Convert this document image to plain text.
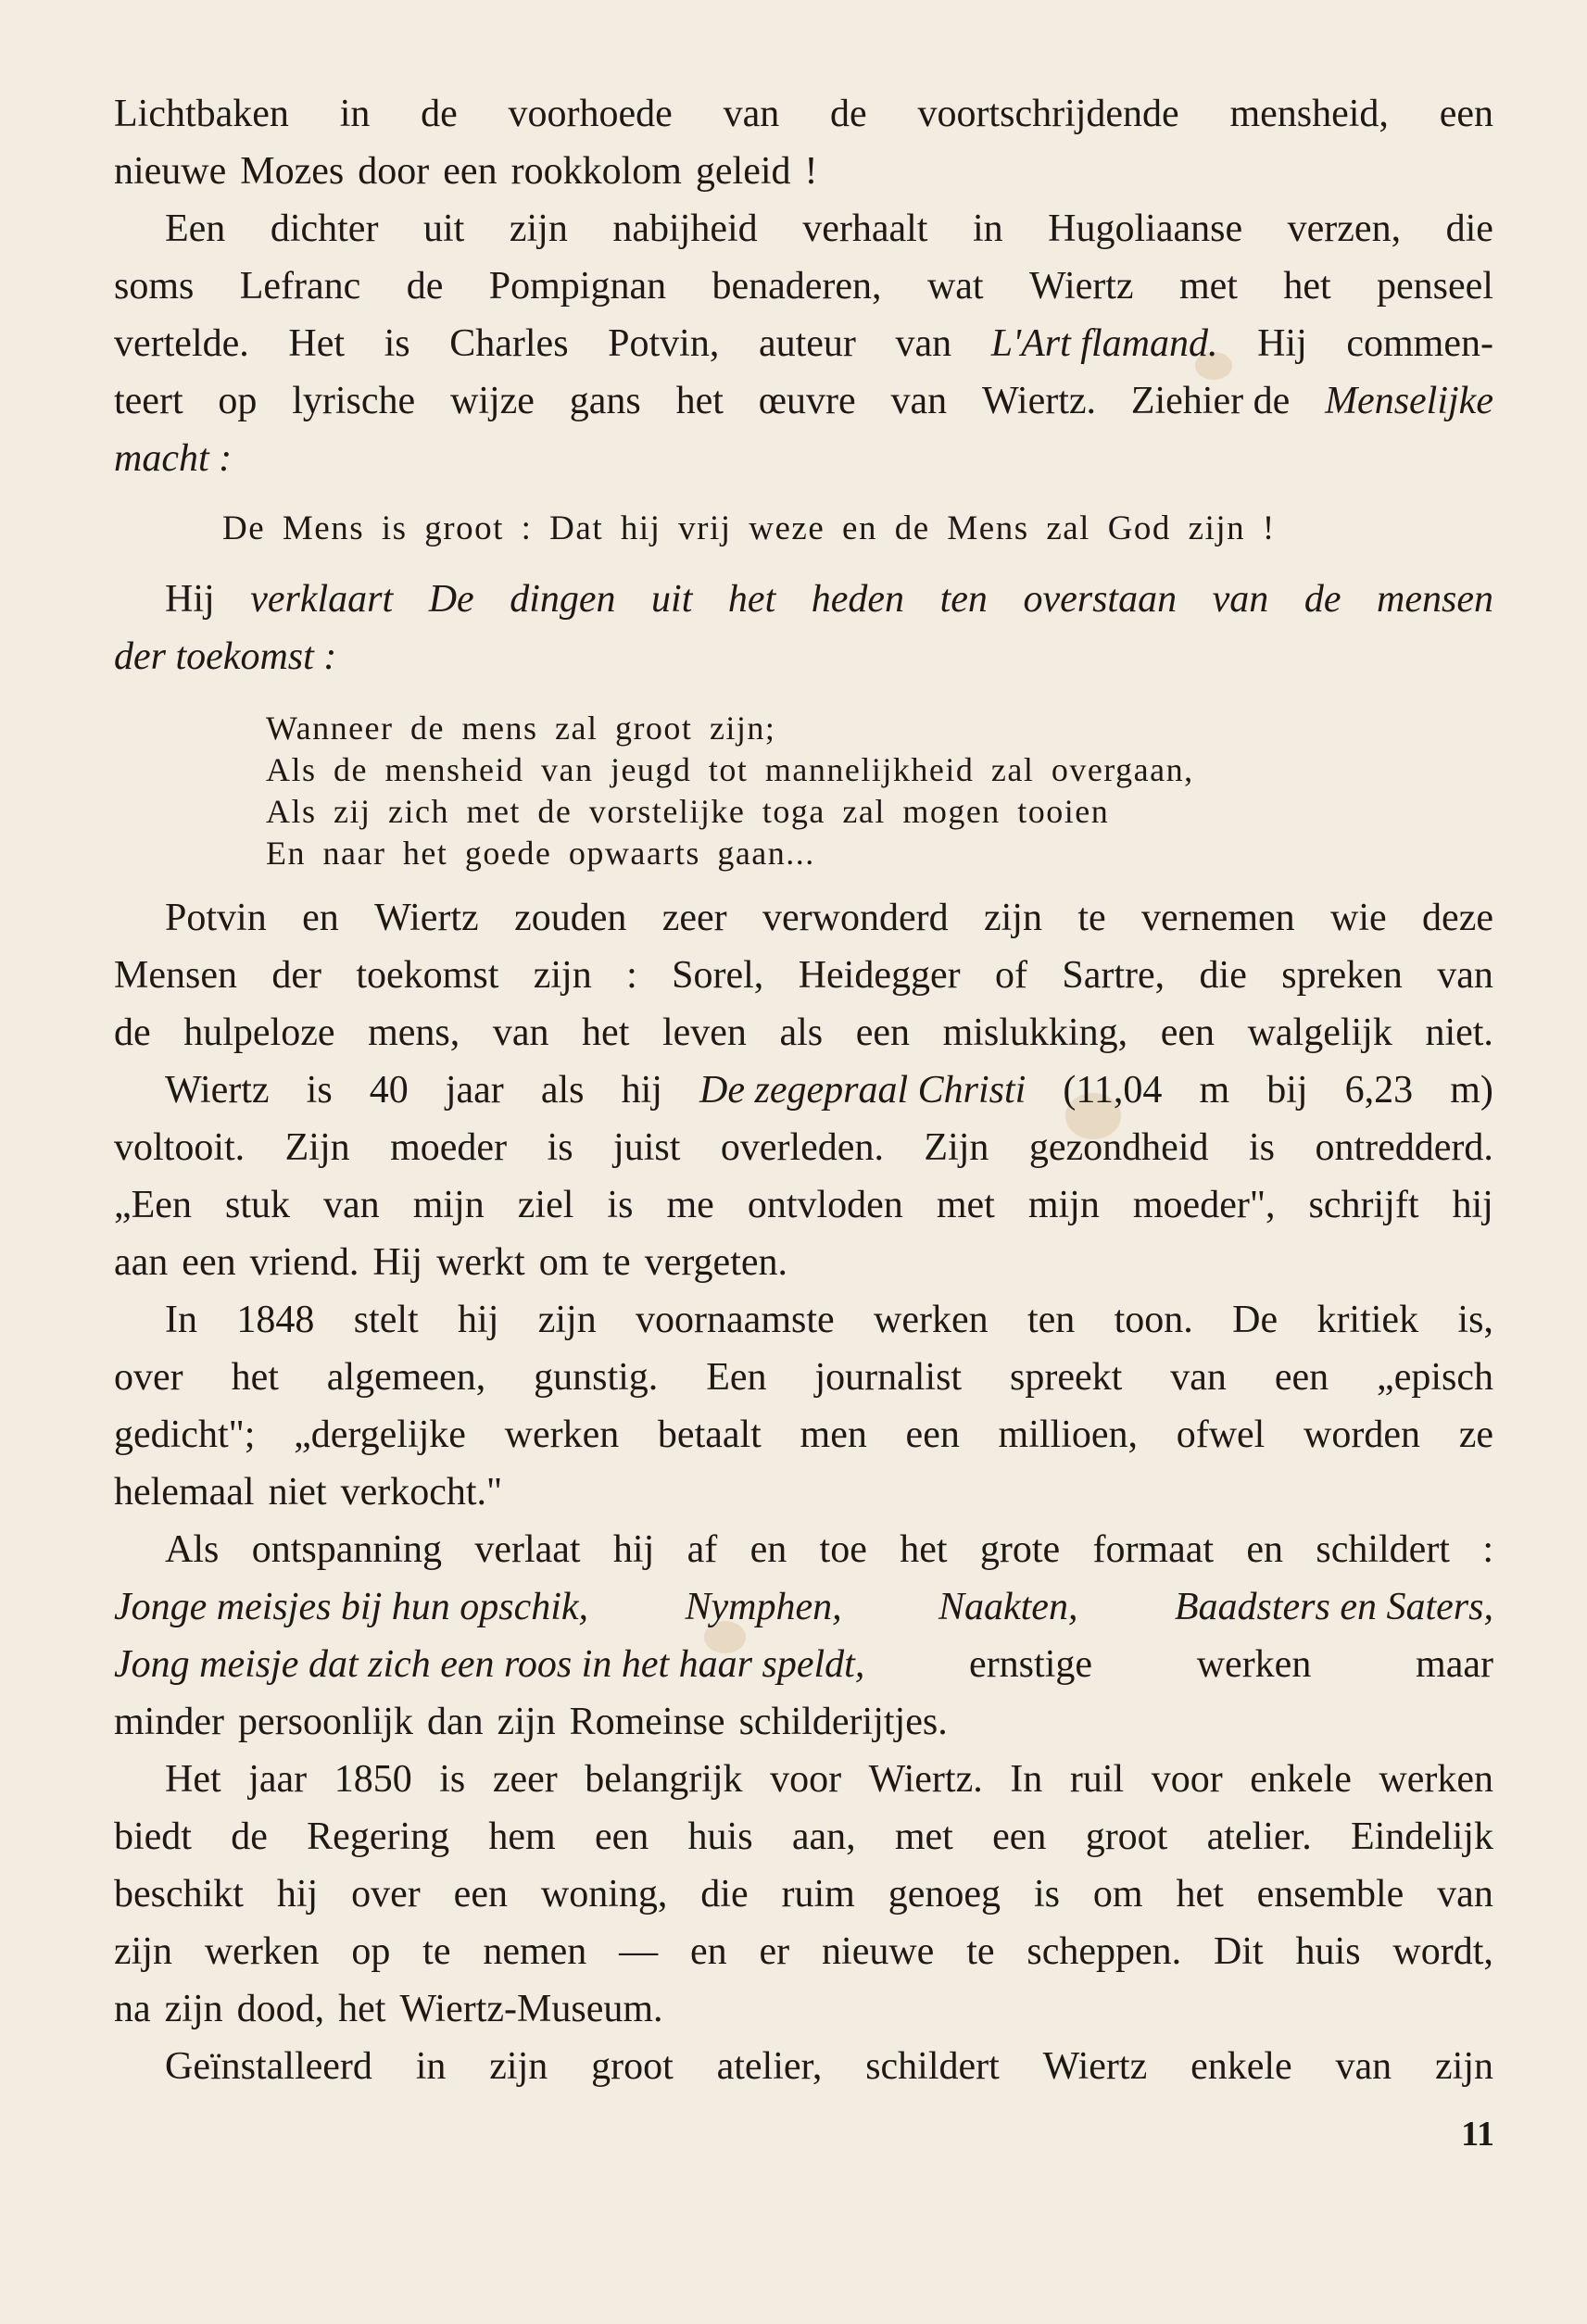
Lichtbaken in de voorhoede van de voortschrijdende mensheid, een
nieuwe Mozes door een rookkolom geleid !
Een dichter uit zijn nabijheid verhaalt in Hugoliaanse verzen, die
soms Lefranc de Pompignan benaderen, wat Wiertz met het penseel
vertelde. Het is Charles Potvin, auteur van L'Art flamand. Hij commen-
teert op lyrische wijze gans het œuvre van Wiertz. Ziehier de Menselijke
macht :
De Mens is groot : Dat hij vrij weze en de Mens zal God zijn !
Hij verklaart De dingen uit het heden ten overstaan van de mensen
der toekomst :
Wanneer de mens zal groot zijn;
Als de mensheid van jeugd tot mannelijkheid zal overgaan,
Als zij zich met de vorstelijke toga zal mogen tooien
En naar het goede opwaarts gaan...
Potvin en Wiertz zouden zeer verwonderd zijn te vernemen wie deze
Mensen der toekomst zijn : Sorel, Heidegger of Sartre, die spreken van
de hulpeloze mens, van het leven als een mislukking, een walgelijk niet.
Wiertz is 40 jaar als hij De zegepraal Christi (11,04 m bij 6,23 m)
voltooit. Zijn moeder is juist overleden. Zijn gezondheid is ontredderd.
„Een stuk van mijn ziel is me ontvloden met mijn moeder", schrijft hij
aan een vriend. Hij werkt om te vergeten.
In 1848 stelt hij zijn voornaamste werken ten toon. De kritiek is,
over het algemeen, gunstig. Een journalist spreekt van een „episch
gedicht"; „dergelijke werken betaalt men een millioen, ofwel worden ze
helemaal niet verkocht."
Als ontspanning verlaat hij af en toe het grote formaat en schildert :
Jonge meisjes bij hun opschik, Nymphen, Naakten, Baadsters en Saters,
Jong meisje dat zich een roos in het haar speldt,	ernstige	werken	maar
minder persoonlijk dan zijn Romeinse schilderijtjes.
Het jaar 1850 is zeer belangrijk voor Wiertz. In ruil voor enkele werken
biedt de Regering hem een huis aan, met een groot atelier. Eindelijk
beschikt hij over een woning, die ruim genoeg is om het ensemble van
zijn werken op te nemen — en er nieuwe te scheppen. Dit huis wordt,
na zijn dood, het Wiertz-Museum.
Geïnstalleerd in zijn groot atelier, schildert Wiertz enkele van zijn
11
